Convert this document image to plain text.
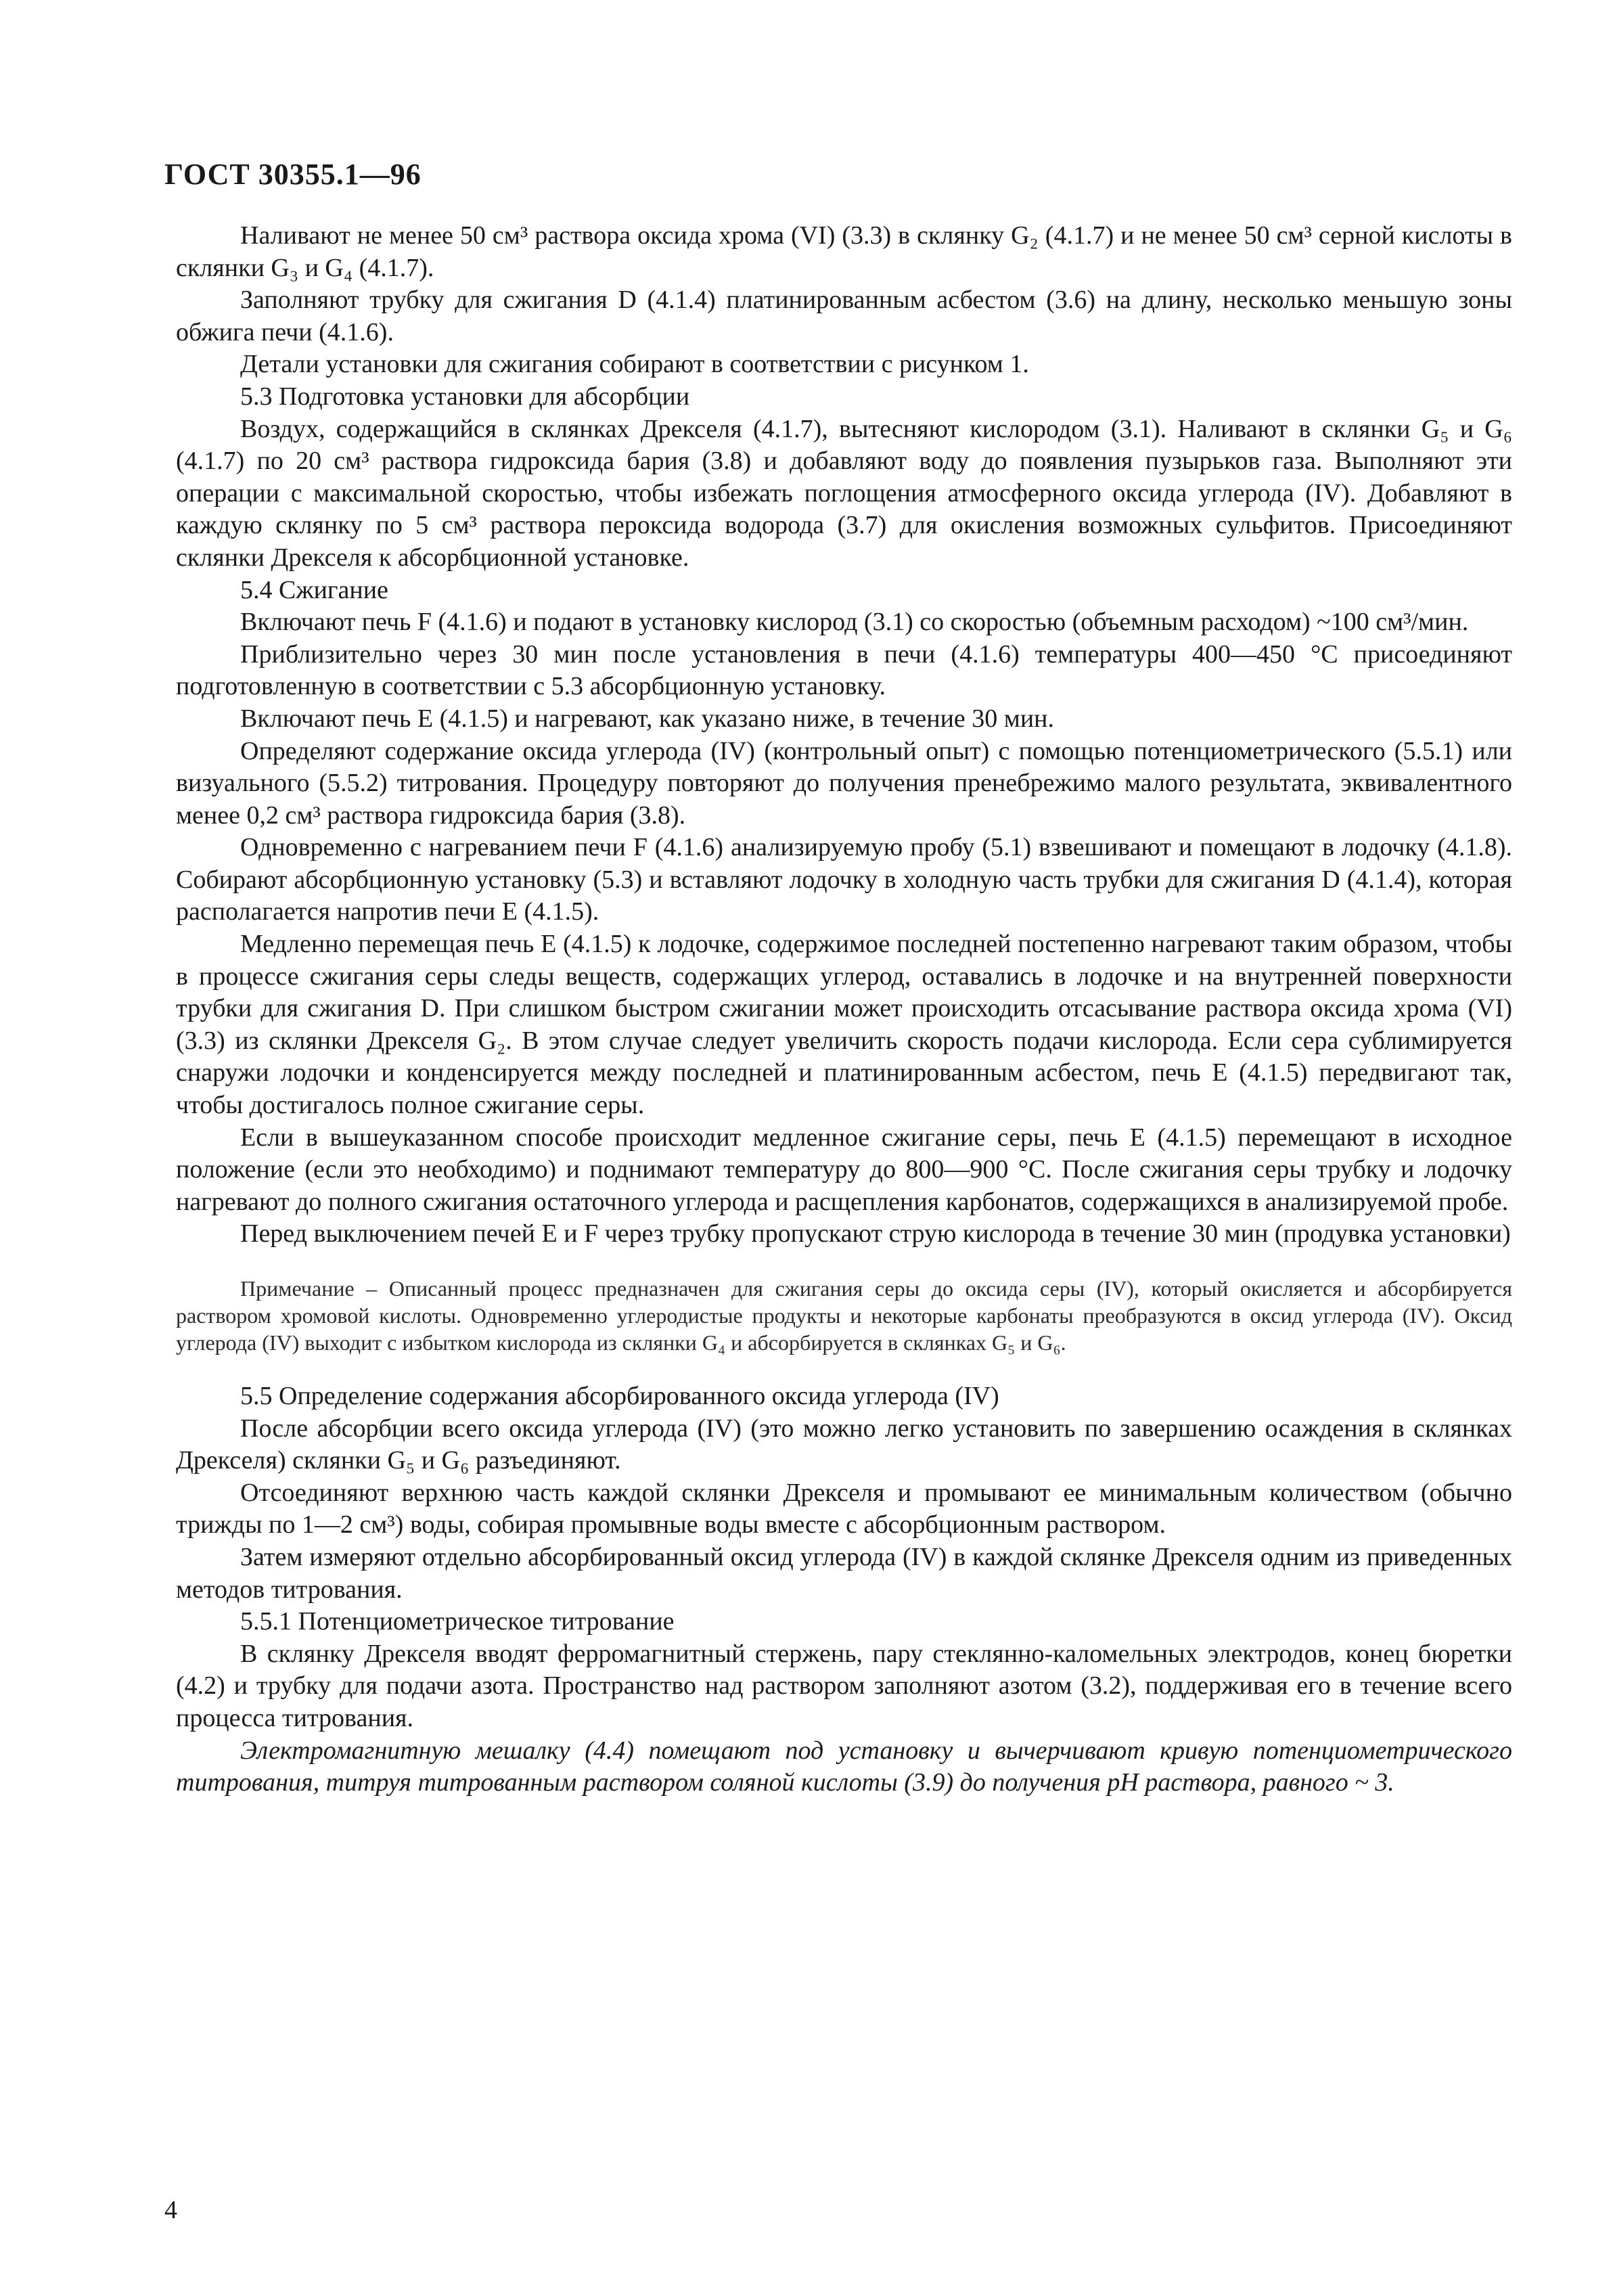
ГОСТ 30355.1—96

Наливают не менее 50 см³ раствора оксида хрома (VI) (3.3) в склянку G₂ (4.1.7) и не менее 50 см³ серной кислоты в склянки G₃ и G₄ (4.1.7).

Заполняют трубку для сжигания D (4.1.4) платинированным асбестом (3.6) на длину, несколько меньшую зоны обжига печи (4.1.6).

Детали установки для сжигания собирают в соответствии с рисунком 1.

5.3 Подготовка установки для абсорбции

Воздух, содержащийся в склянках Дрекселя (4.1.7), вытесняют кислородом (3.1). Наливают в склянки G₅ и G₆ (4.1.7) по 20 см³ раствора гидроксида бария (3.8) и добавляют воду до появления пузырьков газа. Выполняют эти операции с максимальной скоростью, чтобы избежать поглощения атмосферного оксида углерода (IV). Добавляют в каждую склянку по 5 см³ раствора пероксида водорода (3.7) для окисления возможных сульфитов. Присоединяют склянки Дрекселя к абсорбционной установке.

5.4 Сжигание

Включают печь F (4.1.6) и подают в установку кислород (3.1) со скоростью (объемным расходом) ~100 см³/мин.

Приблизительно через 30 мин после установления в печи (4.1.6) температуры 400—450 °С присоединяют подготовленную в соответствии с 5.3 абсорбционную установку.

Включают печь E (4.1.5) и нагревают, как указано ниже, в течение 30 мин.

Определяют содержание оксида углерода (IV) (контрольный опыт) с помощью потенциометрического (5.5.1) или визуального (5.5.2) титрования. Процедуру повторяют до получения пренебрежимо малого результата, эквивалентного менее 0,2 см³ раствора гидроксида бария (3.8).

Одновременно с нагреванием печи F (4.1.6) анализируемую пробу (5.1) взвешивают и помещают в лодочку (4.1.8). Собирают абсорбционную установку (5.3) и вставляют лодочку в холодную часть трубки для сжигания D (4.1.4), которая располагается напротив печи E (4.1.5).

Медленно перемещая печь E (4.1.5) к лодочке, содержимое последней постепенно нагревают таким образом, чтобы в процессе сжигания серы следы веществ, содержащих углерод, оставались в лодочке и на внутренней поверхности трубки для сжигания D. При слишком быстром сжигании может происходить отсасывание раствора оксида хрома (VI) (3.3) из склянки Дрекселя G₂. В этом случае следует увеличить скорость подачи кислорода. Если сера сублимируется снаружи лодочки и конденсируется между последней и платинированным асбестом, печь E (4.1.5) передвигают так, чтобы достигалось полное сжигание серы.

Если в вышеуказанном способе происходит медленное сжигание серы, печь E (4.1.5) перемещают в исходное положение (если это необходимо) и поднимают температуру до 800—900 °С. После сжигания серы трубку и лодочку нагревают до полного сжигания остаточного углерода и расщепления карбонатов, содержащихся в анализируемой пробе.

Перед выключением печей E и F через трубку пропускают струю кислорода в течение 30 мин (продувка установки)

Примечание – Описанный процесс предназначен для сжигания серы до оксида серы (IV), который окисляется и абсорбируется раствором хромовой кислоты. Одновременно углеродистые продукты и некоторые карбонаты преобразуются в оксид углерода (IV). Оксид углерода (IV) выходит с избытком кислорода из склянки G₄ и абсорбируется в склянках G₅ и G₆.

5.5 Определение содержания абсорбированного оксида углерода (IV)

После абсорбции всего оксида углерода (IV) (это можно легко установить по завершению осаждения в склянках Дрекселя) склянки G₅ и G₆ разъединяют.

Отсоединяют верхнюю часть каждой склянки Дрекселя и промывают ее минимальным количеством (обычно трижды по 1—2 см³) воды, собирая промывные воды вместе с абсорбционным раствором.

Затем измеряют отдельно абсорбированный оксид углерода (IV) в каждой склянке Дрекселя одним из приведенных методов титрования.

5.5.1 Потенциометрическое титрование

В склянку Дрекселя вводят ферромагнитный стержень, пару стеклянно-каломельных электродов, конец бюретки (4.2) и трубку для подачи азота. Пространство над раствором заполняют азотом (3.2), поддерживая его в течение всего процесса титрования.

Электромагнитную мешалку (4.4) помещают под установку и вычерчивают кривую потенциометрического титрования, титруя титрованным раствором соляной кислоты (3.9) до получения pH раствора, равного ~ 3.

4
